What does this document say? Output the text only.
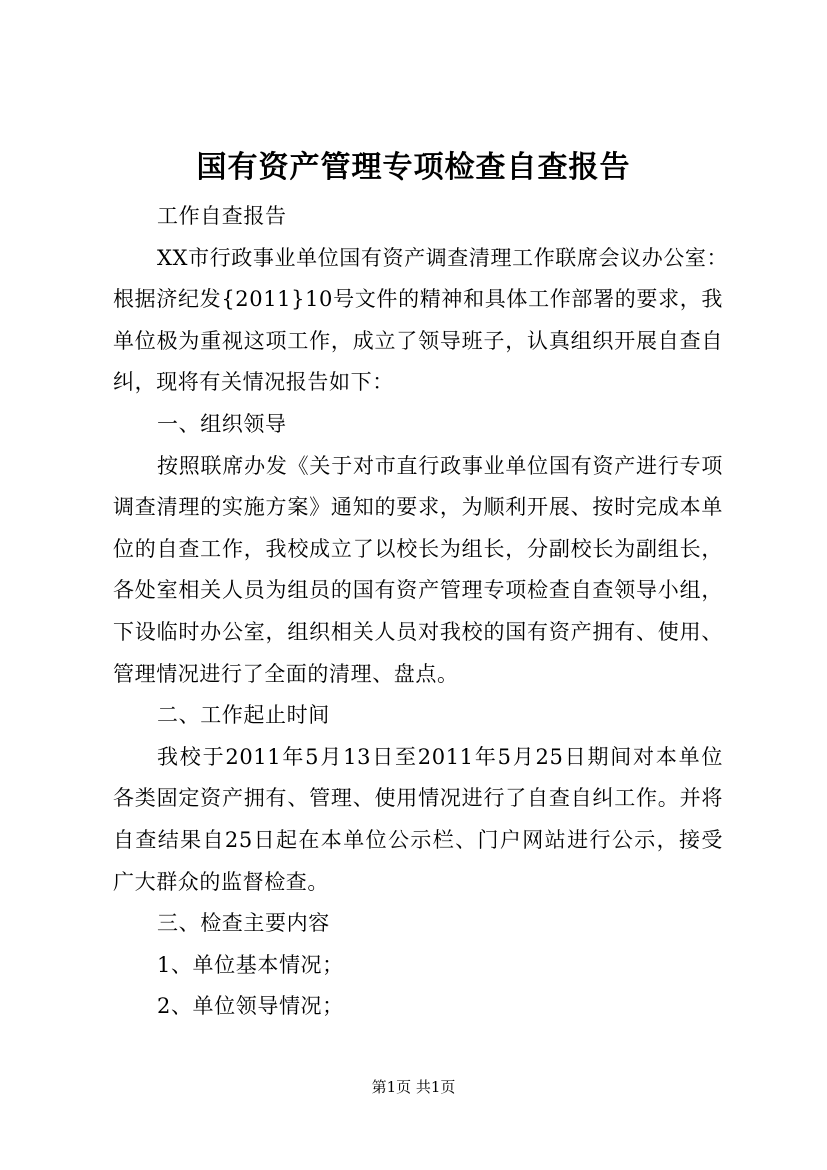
国有资产管理专项检查自查报告
工作自查报告
XX市行政事业单位国有资产调查清理工作联席会议办公室：
根据济纪发{2011}10号文件的精神和具体工作部署的要求，我
单位极为重视这项工作，成立了领导班子，认真组织开展自查自
纠，现将有关情况报告如下：
一、组织领导
按照联席办发《关于对市直行政事业单位国有资产进行专项
调查清理的实施方案》通知的要求，为顺利开展、按时完成本单
位的自查工作，我校成立了以校长为组长，分副校长为副组长，
各处室相关人员为组员的国有资产管理专项检查自查领导小组，
下设临时办公室，组织相关人员对我校的国有资产拥有、使用、
管理情况进行了全面的清理、盘点。
二、工作起止时间
我校于2011年5月13日至2011年5月25日期间对本单位
各类固定资产拥有、管理、使用情况进行了自查自纠工作。并将
自查结果自25日起在本单位公示栏、门户网站进行公示，接受
广大群众的监督检查。
三、检查主要内容
1、单位基本情况；
2、单位领导情况；
第1页 共1页
